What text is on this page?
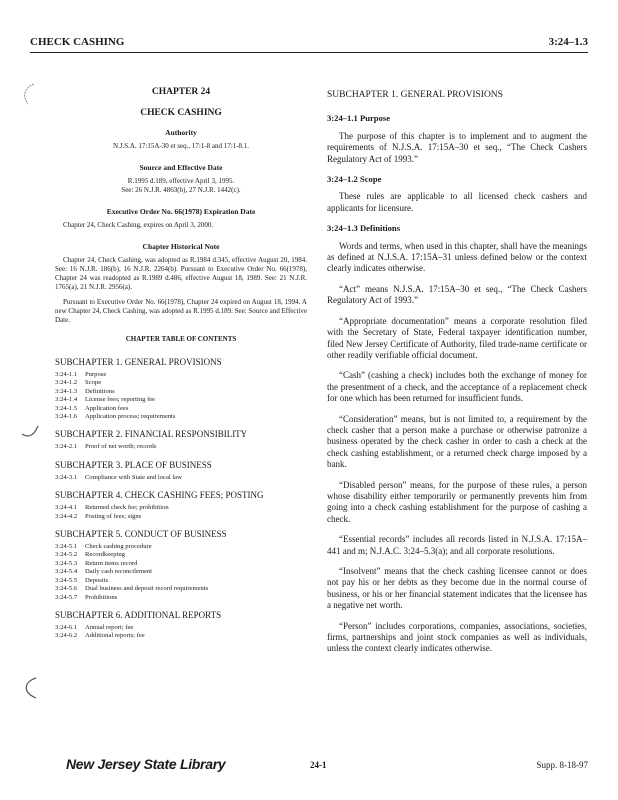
CHECK CASHING	3:24–1.3
CHAPTER 24
CHECK CASHING
Authority
N.J.S.A. 17:15A-30 et seq., 17:1-8 and 17:1-8.1.
Source and Effective Date
R.1995 d.189, effective April 3, 1995.
See: 26 N.J.R. 4863(b), 27 N.J.R. 1442(c).
Executive Order No. 66(1978) Expiration Date
Chapter 24, Check Cashing, expires on April 3, 2000.
Chapter Historical Note
Chapter 24, Check Cashing, was adopted as R.1984 d.345, effective August 20, 1984. See: 16 N.J.R. 186(b), 16 N.J.R. 2264(b). Pursuant to Executive Order No. 66(1978), Chapter 24 was readopted as R.1989 d.486, effective August 18, 1989. See: 21 N.J.R. 1765(a), 21 N.J.R. 2956(a).
Pursuant to Executive Order No. 66(1978), Chapter 24 expired on August 18, 1994. A new Chapter 24, Check Cashing, was adopted as R.1995 d.189. See: Source and Effective Date.
CHAPTER TABLE OF CONTENTS
SUBCHAPTER 1. GENERAL PROVISIONS
3:24-1.1 Purpose
3:24-1.2 Scope
3:24-1.3 Definitions
3:24-1.4 License fees; reporting fee
3:24-1.5 Application fees
3:24-1.6 Application process; requirements
SUBCHAPTER 2. FINANCIAL RESPONSIBILITY
3:24-2.1 Proof of net worth; records
SUBCHAPTER 3. PLACE OF BUSINESS
3:24-3.1 Compliance with State and local law
SUBCHAPTER 4. CHECK CASHING FEES; POSTING
3:24-4.1 Returned check fee; prohibition
3:24-4.2 Posting of fees; signs
SUBCHAPTER 5. CONDUCT OF BUSINESS
3:24-5.1 Check cashing procedure
3:24-5.2 Recordkeeping
3:24-5.3 Return items record
3:24-5.4 Daily cash reconcilement
3:24-5.5 Deposits
3:24-5.6 Dual business and deposit record requirements
3:24-5.7 Prohibitions
SUBCHAPTER 6. ADDITIONAL REPORTS
3:24-6.1 Annual report; fee
3:24-6.2 Additional reports; fee
SUBCHAPTER 1. GENERAL PROVISIONS
3:24–1.1 Purpose
The purpose of this chapter is to implement and to augment the requirements of N.J.S.A. 17:15A–30 et seq., “The Check Cashers Regulatory Act of 1993.”
3:24–1.2 Scope
These rules are applicable to all licensed check cashers and applicants for licensure.
3:24–1.3 Definitions
Words and terms, when used in this chapter, shall have the meanings as defined at N.J.S.A. 17:15A–31 unless defined below or the context clearly indicates otherwise.
“Act” means N.J.S.A. 17:15A–30 et seq., “The Check Cashers Regulatory Act of 1993.”
“Appropriate documentation” means a corporate resolution filed with the Secretary of State, Federal taxpayer identification number, filed New Jersey Certificate of Authority, filed trade-name certificate or other readily verifiable official document.
“Cash” (cashing a check) includes both the exchange of money for the presentment of a check, and the acceptance of a replacement check for one which has been returned for insufficient funds.
“Consideration” means, but is not limited to, a requirement by the check casher that a person make a purchase or otherwise patronize a business operated by the check casher in order to cash a check at the check cashing establishment, or a returned check charge imposed by a bank.
“Disabled person” means, for the purpose of these rules, a person whose disability either temporarily or permanently prevents him from going into a check cashing establishment for the purpose of cashing a check.
“Essential records” includes all records listed in N.J.S.A. 17:15A–441 and m; N.J.A.C. 3:24–5.3(a); and all corporate resolutions.
“Insolvent” means that the check cashing licensee cannot or does not pay his or her debts as they become due in the normal course of business, or his or her financial statement indicates that the licensee has a negative net worth.
“Person” includes corporations, companies, associations, societies, firms, partnerships and joint stock companies as well as individuals, unless the context clearly indicates otherwise.
New Jersey State Library	24-1	Supp. 8-18-97
